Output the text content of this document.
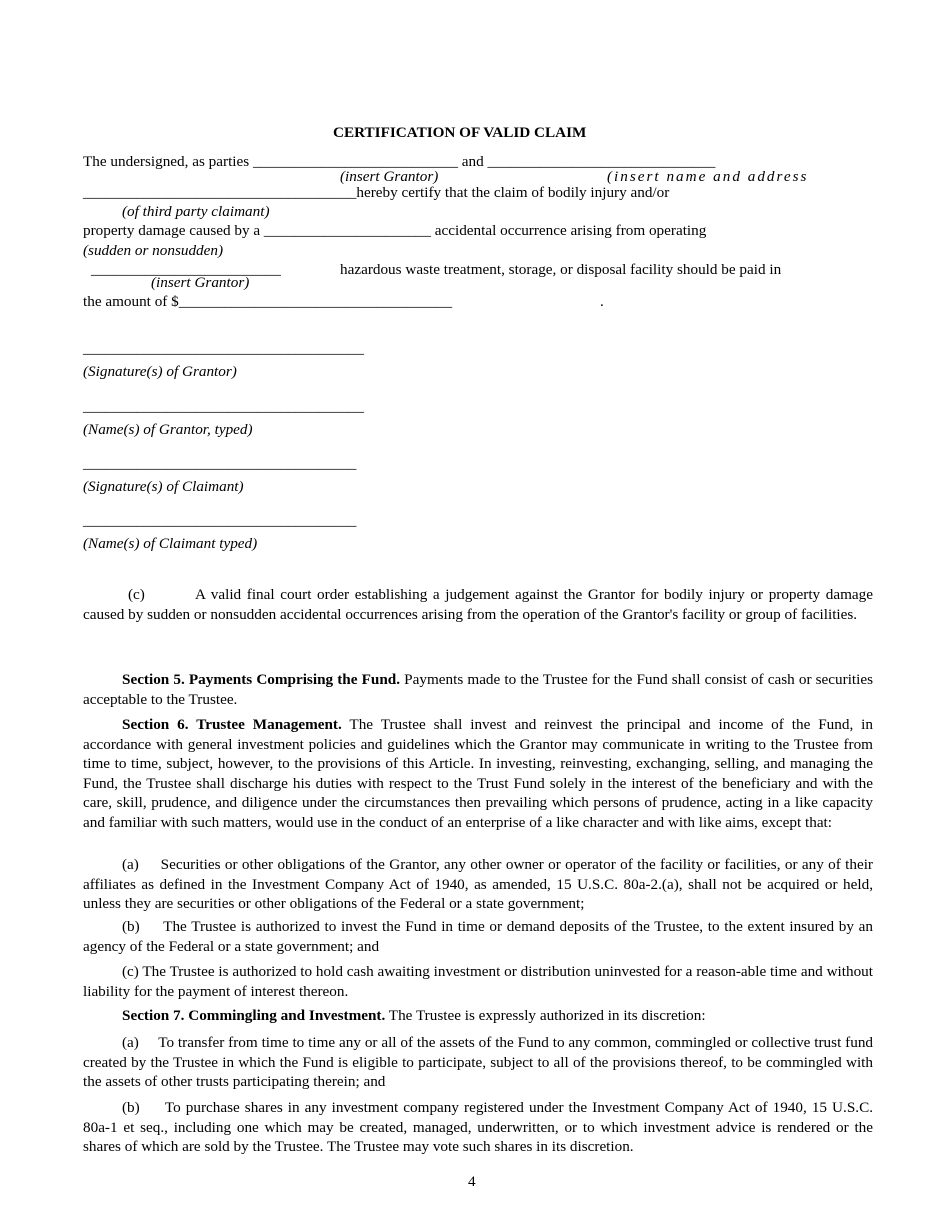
CERTIFICATION OF VALID CLAIM
The undersigned, as parties ___________________________ and ______________________________
(insert Grantor)	(insert name and address
____________________________________hereby certify that the claim of bodily injury and/or
(of third party claimant)
property damage caused by a ______________________ accidental occurrence arising from operating
(sudden or nonsudden)
_________________________	hazardous waste treatment, storage, or disposal facility should be paid in
(insert Grantor)
the amount of $____________________________________	.
_____________________________________
(Signature(s) of Grantor)
_____________________________________
(Name(s) of Grantor, typed)
____________________________________
(Signature(s) of Claimant)
____________________________________
(Name(s) of Claimant typed)
(c)	A valid final court order establishing a judgement against the Grantor for bodily injury or property damage caused by sudden or nonsudden accidental occurrences arising from the operation of the Grantor's facility or group of facilities.
Section 5. Payments Comprising the Fund. Payments made to the Trustee for the Fund shall consist of cash or securities acceptable to the Trustee.
Section 6. Trustee Management. The Trustee shall invest and reinvest the principal and income of the Fund, in accordance with general investment policies and guidelines which the Grantor may communicate in writing to the Trustee from time to time, subject, however, to the provisions of this Article. In investing, reinvesting, exchanging, selling, and managing the Fund, the Trustee shall discharge his duties with respect to the Trust Fund solely in the interest of the beneficiary and with the care, skill, prudence, and diligence under the circumstances then prevailing which persons of prudence, acting in a like capacity and familiar with such matters, would use in the conduct of an enterprise of a like character and with like aims, except that:
(a)     Securities or other obligations of the Grantor, any other owner or operator of the facility or facilities, or any of their affiliates as defined in the Investment Company Act of 1940, as amended, 15 U.S.C. 80a-2.(a), shall not be acquired or held, unless they are securities or other obligations of the Federal or a state government;
(b)     The Trustee is authorized to invest the Fund in time or demand deposits of the Trustee, to the extent insured by an agency of the Federal or a state government; and
(c) The Trustee is authorized to hold cash awaiting investment or distribution uninvested for a reason-able time and without liability for the payment of interest thereon.
Section 7. Commingling and Investment. The Trustee is expressly authorized in its discretion:
(a)     To transfer from time to time any or all of the assets of the Fund to any common, commingled or collective trust fund created by the Trustee in which the Fund is eligible to participate, subject to all of the provisions thereof, to be commingled with the assets of other trusts participating therein; and
(b)     To purchase shares in any investment company registered under the Investment Company Act of 1940, 15 U.S.C. 80a-1 et seq., including one which may be created, managed, underwritten, or to which investment advice is rendered or the shares of which are sold by the Trustee. The Trustee may vote such shares in its discretion.
4
